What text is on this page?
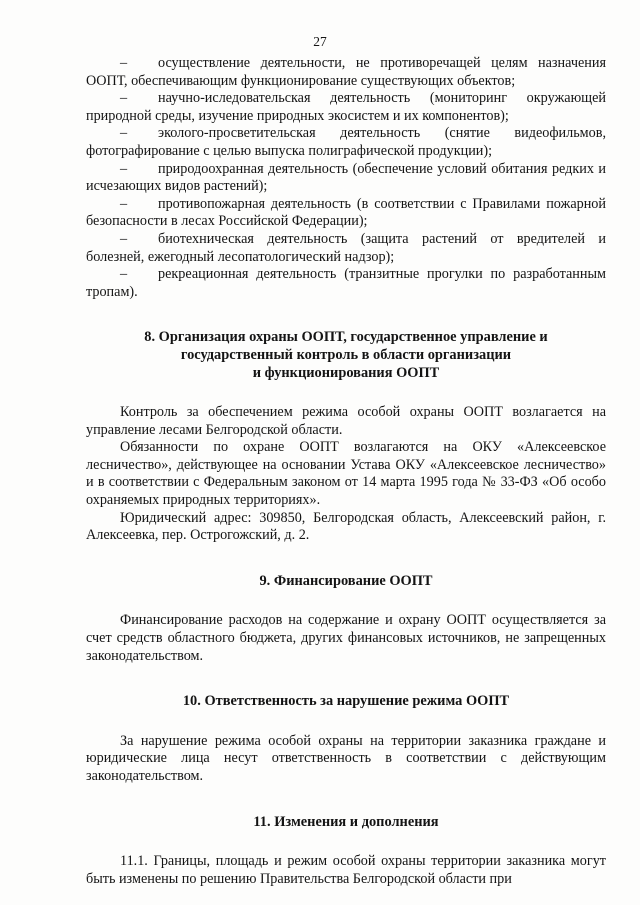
27

– осуществление деятельности, не противоречащей целям назначения ООПТ, обеспечивающим функционирование существующих объектов;

– научно-иследовательская деятельность (мониторинг окружающей природной среды, изучение природных экосистем и их компонентов);

– эколого-просветительская деятельность (снятие видеофильмов, фотографирование с целью выпуска полиграфической продукции);

– природоохранная деятельность (обеспечение условий обитания редких и исчезающих видов растений);

– противопожарная деятельность (в соответствии с Правилами пожарной безопасности в лесах Российской Федерации);

– биотехническая деятельность (защита растений от вредителей и болезней, ежегодный лесопатологический надзор);

– рекреационная деятельность (транзитные прогулки по разработанным тропам).

8. Организация охраны ООПТ, государственное управление и

государственный контроль в области организации

и функционирования ООПТ

Контроль за обеспечением режима особой охраны ООПТ возлагается на управление лесами Белгородской области.

Обязанности по охране ООПТ возлагаются на ОКУ «Алексеевское лесничество», действующее на основании Устава ОКУ «Алексеевское лесничество» и в соответствии с Федеральным законом от 14 марта 1995 года № 33-ФЗ «Об особо охраняемых природных территориях».

Юридический адрес: 309850, Белгородская область, Алексеевский район, г. Алексеевка, пер. Острогожский, д. 2.

9. Финансирование ООПТ

Финансирование расходов на содержание и охрану ООПТ осуществляется за счет средств областного бюджета, других финансовых источников, не запрещенных законодательством.

10. Ответственность за нарушение режима ООПТ

За нарушение режима особой охраны на территории заказника граждане и юридические лица несут ответственность в соответствии с действующим законодательством.

11. Изменения и дополнения

11.1. Границы, площадь и режим особой охраны территории заказника могут быть изменены по решению Правительства Белгородской области при
